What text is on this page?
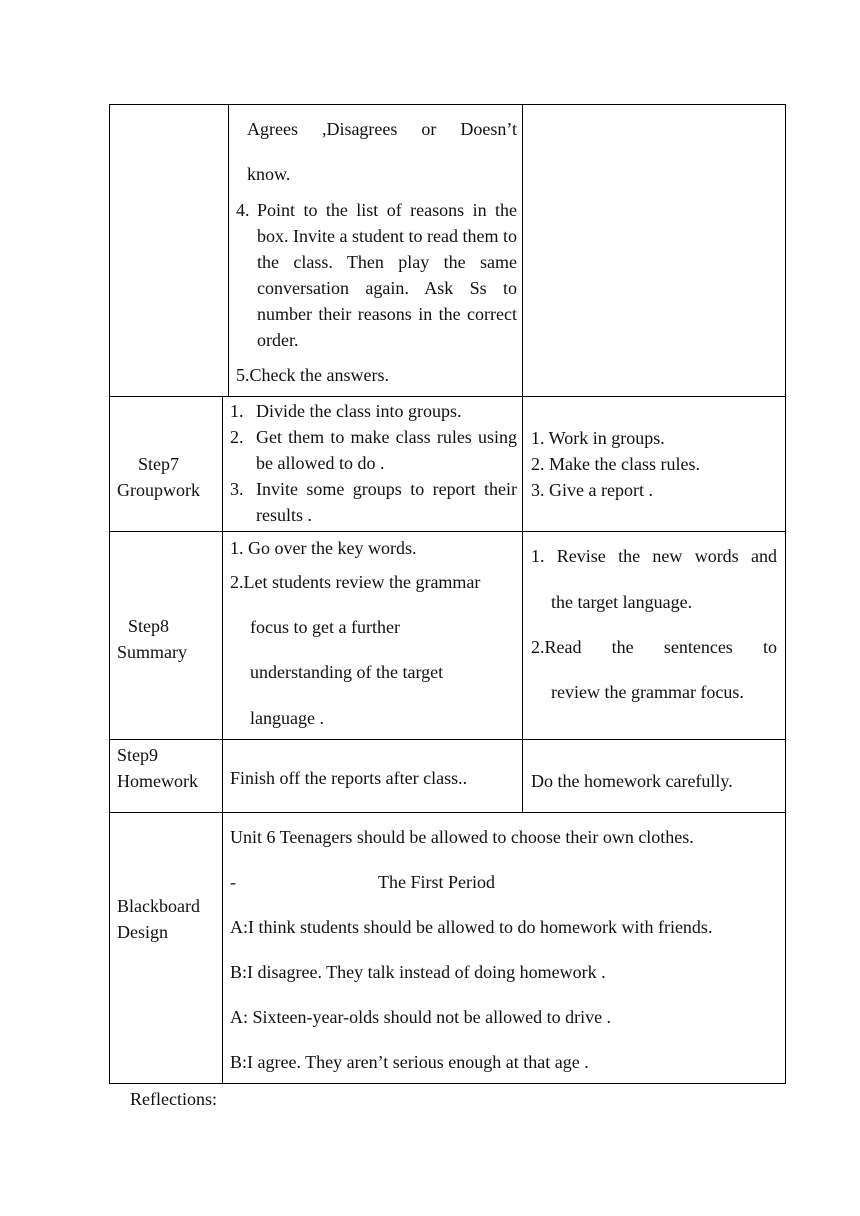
Agrees ,Disagrees or Doesn’t
know.
4. Point to the list of reasons in the box. Invite a student to read them to the class. Then play the same conversation again. Ask Ss to number their reasons in the correct order.
5.Check the answers.
Step7
Groupwork
1. Divide the class into groups.
2. Get them to make class rules using be allowed to do .
3. Invite some groups to report their results .
1. Work in groups.
2. Make the class rules.
3. Give a report .
Step8
Summary
1. Go over the key words.
2.Let students review the grammar
focus to get a further
understanding of the target
language .
1. Revise the new words and
the target language.
2.Read the sentences to
review the grammar focus.
Step9
Homework Finish off the reports after class..	Do the homework carefully.
Blackboard
Design
Unit 6 Teenagers should be allowed to choose their own clothes.
-	The First Period
A:I think students should be allowed to do homework with friends.
B:I disagree. They talk instead of doing homework .
A: Sixteen-year-olds should not be allowed to drive .
B:I agree. They aren’t serious enough at that age .
Reflections:
